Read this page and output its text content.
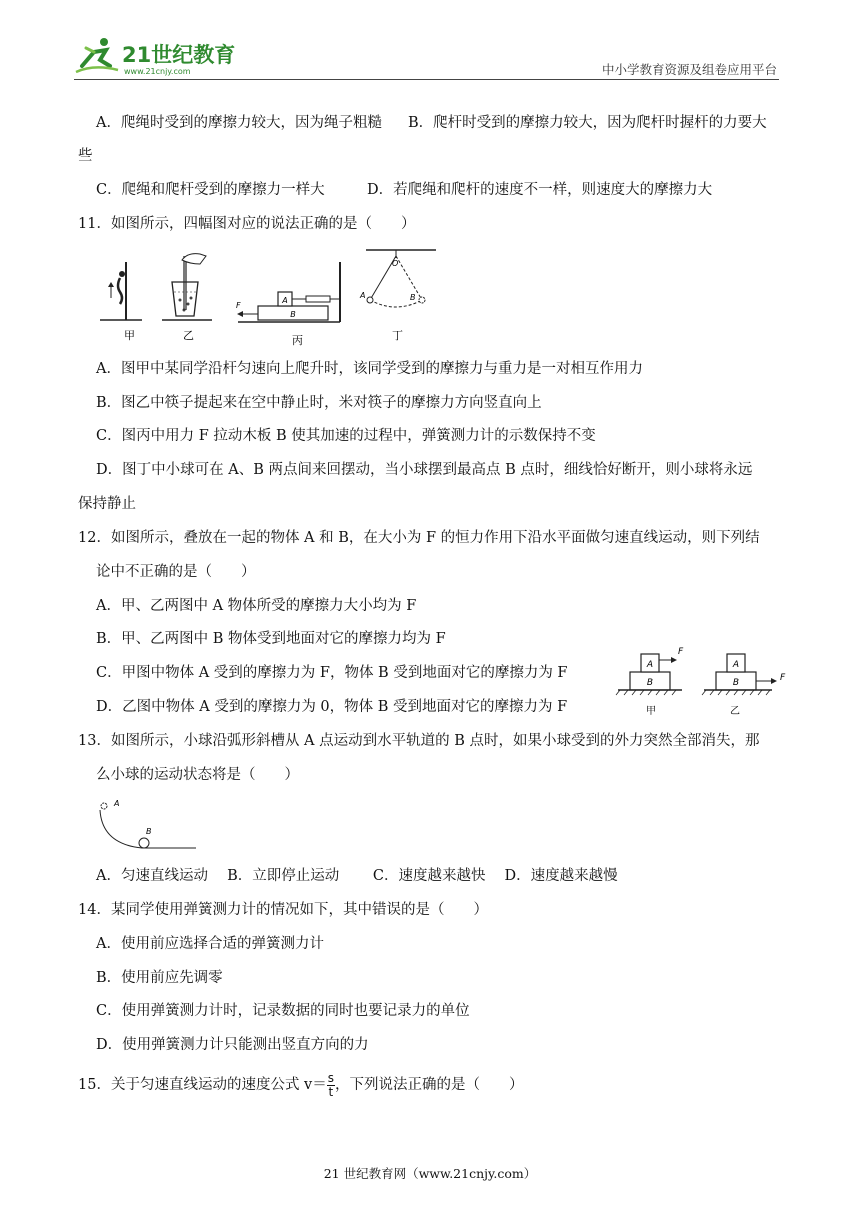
21世纪教育
www.21cnjy.com	中小学教育资源及组卷应用平台
A．爬绳时受到的摩擦力较大，因为绳子粗糙 B．爬杆时受到的摩擦力较大，因为爬杆时握杆的力要大
些
C．爬绳和爬杆受到的摩擦力一样大	D．若爬绳和爬杆的速度不一样，则速度大的摩擦力大
11．如图所示，四幅图对应的说法正确的是（　　）
A
B
F
O
A	B
甲	乙	丙	丁
A．图甲中某同学沿杆匀速向上爬升时，该同学受到的摩擦力与重力是一对相互作用力
B．图乙中筷子提起来在空中静止时，米对筷子的摩擦力方向竖直向上
C．图丙中用力 F 拉动木板 B 使其加速的过程中，弹簧测力计的示数保持不变
D．图丁中小球可在 A、B 两点间来回摆动，当小球摆到最高点 B 点时，细线恰好断开，则小球将永远
保持静止
12．如图所示，叠放在一起的物体 A 和 B，在大小为 F 的恒力作用下沿水平面做匀速直线运动，则下列结
论中不正确的是（　　）
A．甲、乙两图中 A 物体所受的摩擦力大小均为 F
B．甲、乙两图中 B 物体受到地面对它的摩擦力均为 F
C．甲图中物体 A 受到的摩擦力为 F，物体 B 受到地面对它的摩擦力为 F
D．乙图中物体 A 受到的摩擦力为 0，物体 B 受到地面对它的摩擦力为 F
A
B
F
甲
A
B	F
乙
13．如图所示，小球沿弧形斜槽从 A 点运动到水平轨道的 B 点时，如果小球受到的外力突然全部消失，那
么小球的运动状态将是（　　）
A
B
A．匀速直线运动　 B．立即停止运动　　 C．速度越来越快　 D．速度越来越慢
14．某同学使用弹簧测力计的情况如下，其中错误的是（　　）
A．使用前应选择合适的弹簧测力计
B．使用前应先调零
C．使用弹簧测力计时，记录数据的同时也要记录力的单位
D．使用弹簧测力计只能测出竖直方向的力
15．关于匀速直线运动的速度公式 $v= \frac{s}{t}$ ，下列说法正确的是（　　）
21 世纪教育网（www.21cnjy.com）
